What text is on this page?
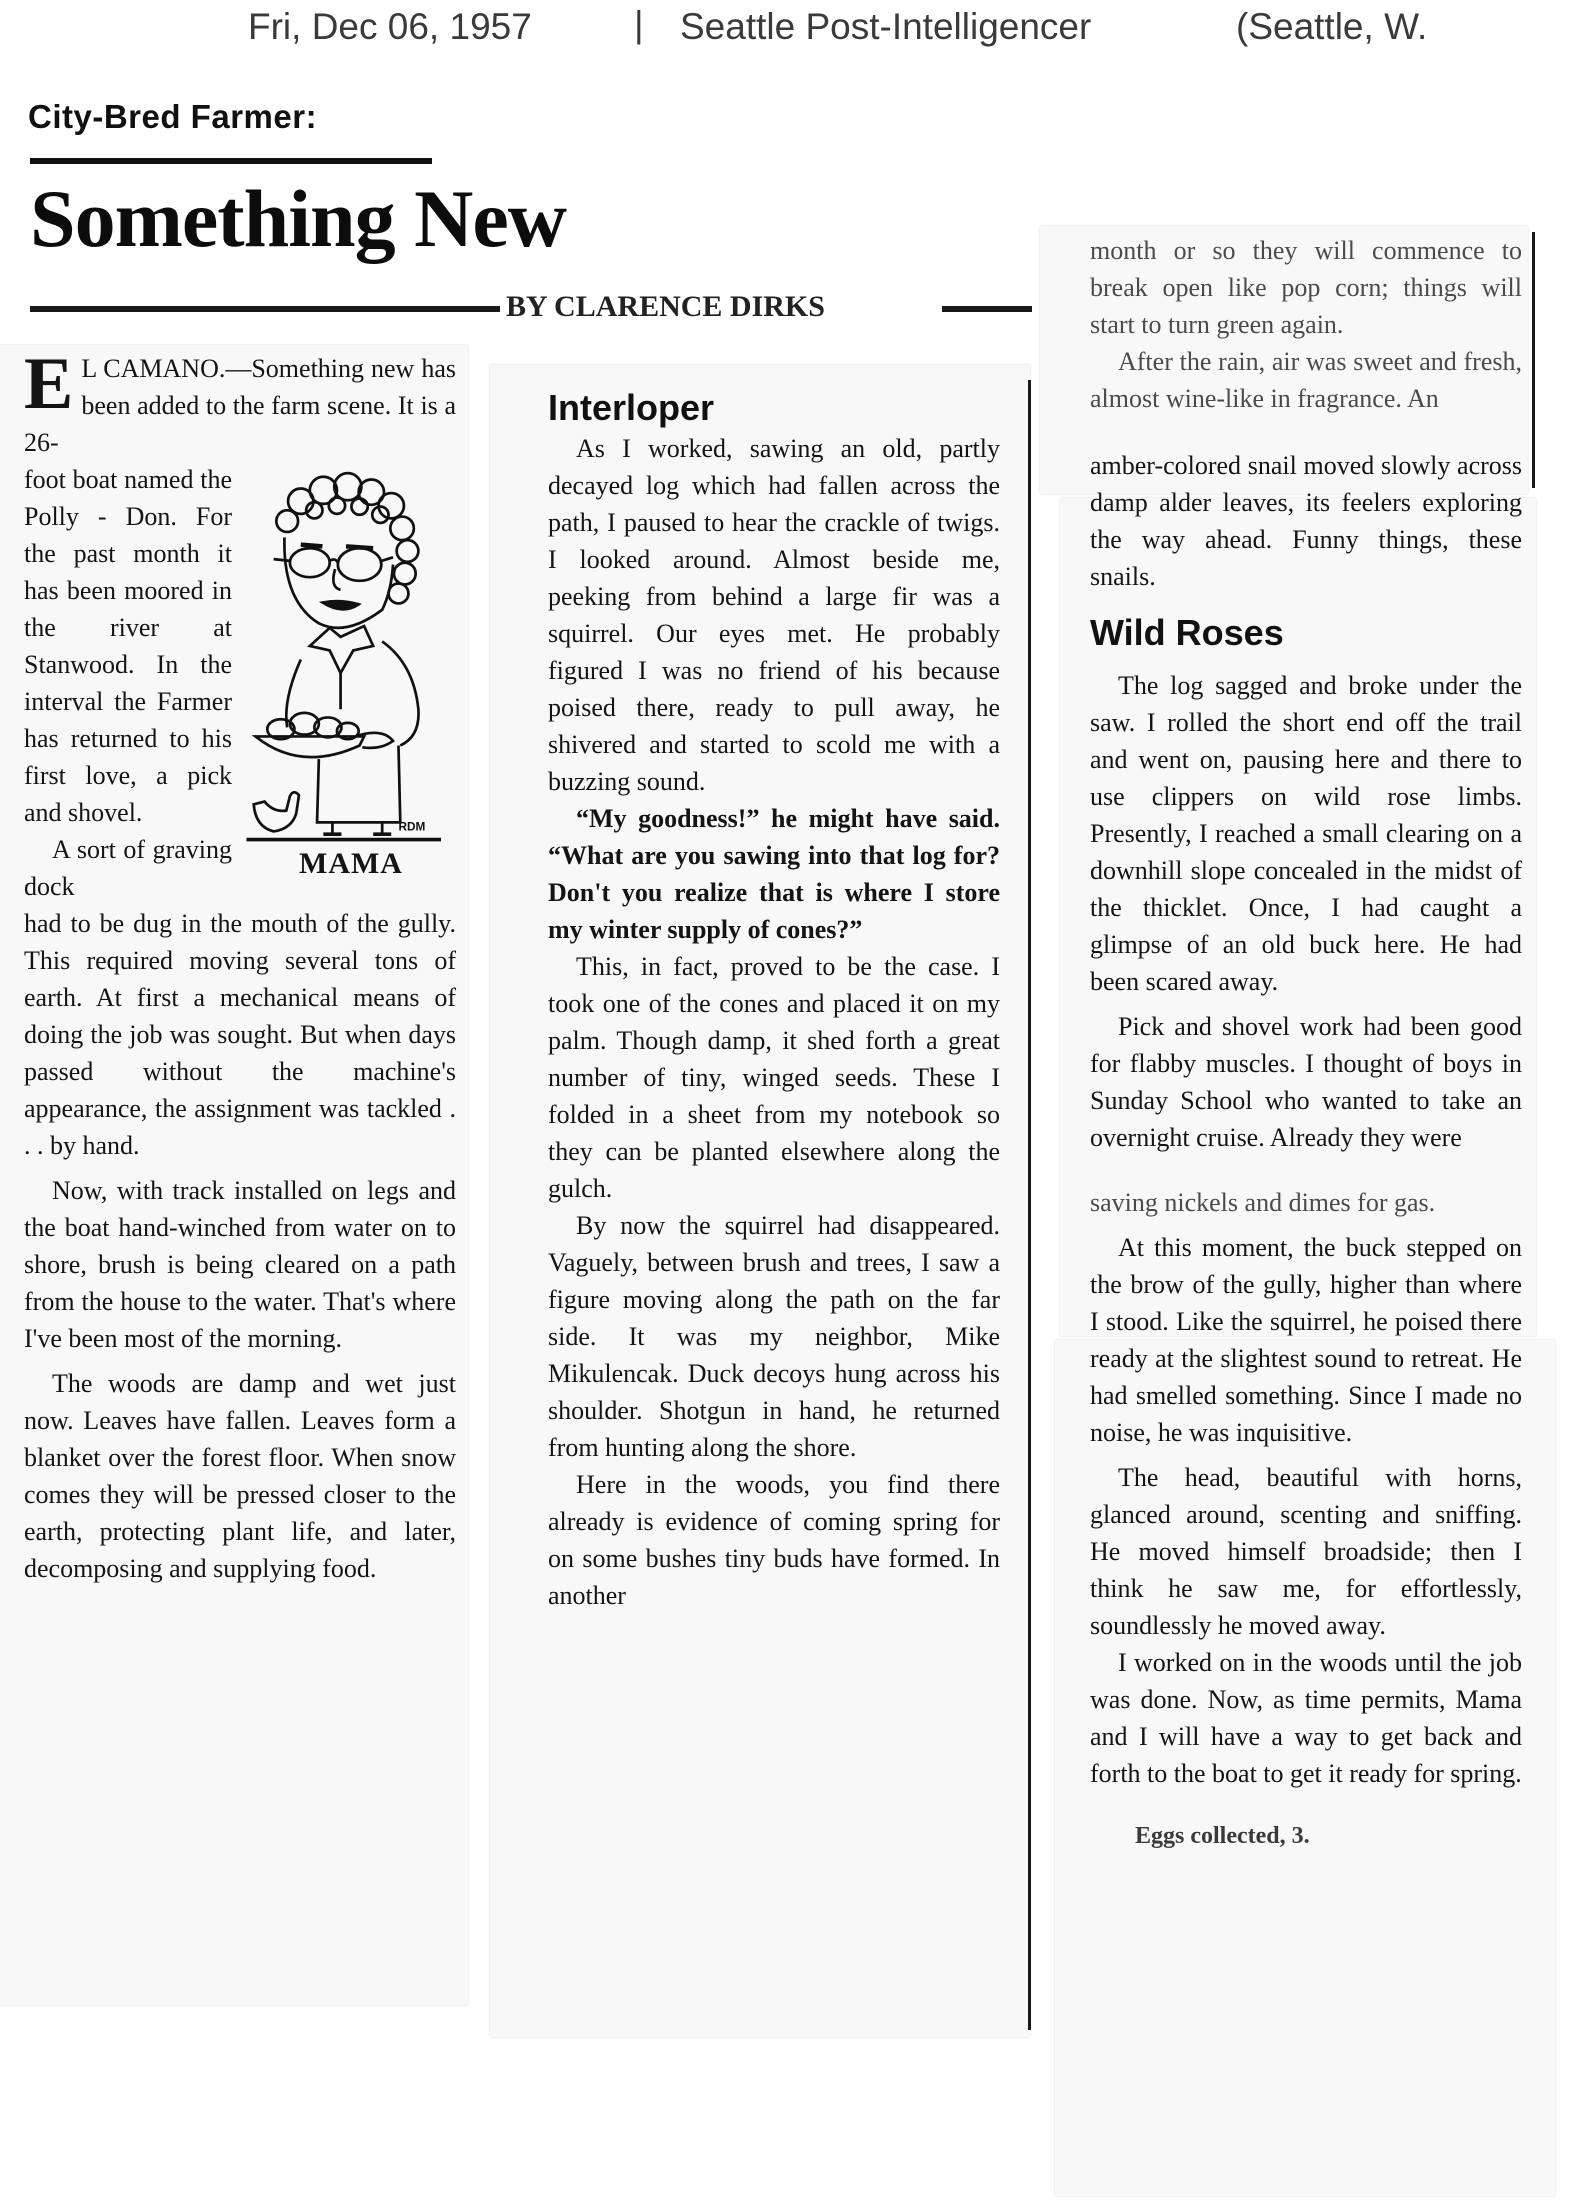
Fri, Dec 06, 1957	| Seattle Post-Intelligencer	(Seattle, W.
City-Bred Farmer:
Something New
BY CLARENCE DIRKS

E L CAMANO.—Something new has been added to the farm scene. It is a 26-

RDM
MAMA

foot boat named the Polly - Don. For the past month it has been moored in the river at Stanwood. In the interval the Farmer has returned to his first love, a pick and shovel.

A sort of graving dock

had to be dug in the mouth of the gully. This required moving several tons of earth. At first a mechanical means of doing the job was sought. But when days passed without the machine's appearance, the assignment was tackled . . . by hand.

Now, with track installed on legs and the boat hand-winched from water on to shore, brush is being cleared on a path from the house to the water. That's where I've been most of the morning.

The woods are damp and wet just now. Leaves have fallen. Leaves form a blanket over the forest floor. When snow comes they will be pressed closer to the earth, protecting plant life, and later, decomposing and supplying food.

Interloper

As I worked, sawing an old, partly decayed log which had fallen across the path, I paused to hear the crackle of twigs. I looked around. Almost beside me, peeking from behind a large fir was a squirrel. Our eyes met. He probably figured I was no friend of his because poised there, ready to pull away, he shivered and started to scold me with a buzzing sound.

“My goodness!” he might have said. “What are you sawing into that log for? Don't you realize that is where I store my winter supply of cones?”

This, in fact, proved to be the case. I took one of the cones and placed it on my palm. Though damp, it shed forth a great number of tiny, winged seeds. These I folded in a sheet from my notebook so they can be planted elsewhere along the gulch.

By now the squirrel had disappeared. Vaguely, between brush and trees, I saw a figure moving along the path on the far side. It was my neighbor, Mike Mikulencak. Duck decoys hung across his shoulder. Shotgun in hand, he returned from hunting along the shore.

Here in the woods, you find there already is evidence of coming spring for on some bushes tiny buds have formed. In another

month or so they will commence to break open like pop corn; things will start to turn green again.

After the rain, air was sweet and fresh, almost wine-like in fragrance. An

amber-colored snail moved slowly across damp alder leaves, its feelers exploring the way ahead. Funny things, these snails.

Wild Roses

The log sagged and broke under the saw. I rolled the short end off the trail and went on, pausing here and there to use clippers on wild rose limbs. Presently, I reached a small clearing on a downhill slope concealed in the midst of the thicklet. Once, I had caught a glimpse of an old buck here. He had been scared away.

Pick and shovel work had been good for flabby muscles. I thought of boys in Sunday School who wanted to take an overnight cruise. Already they were

saving nickels and dimes for gas.

At this moment, the buck stepped on the brow of the gully, higher than where I stood. Like the squirrel, he poised there ready at the slightest sound to retreat. He had smelled something. Since I made no noise, he was inquisitive.

The head, beautiful with horns, glanced around, scenting and sniffing. He moved himself broadside; then I think he saw me, for effortlessly, soundlessly he moved away.

I worked on in the woods until the job was done. Now, as time permits, Mama and I will have a way to get back and forth to the boat to get it ready for spring.

Eggs collected, 3.
